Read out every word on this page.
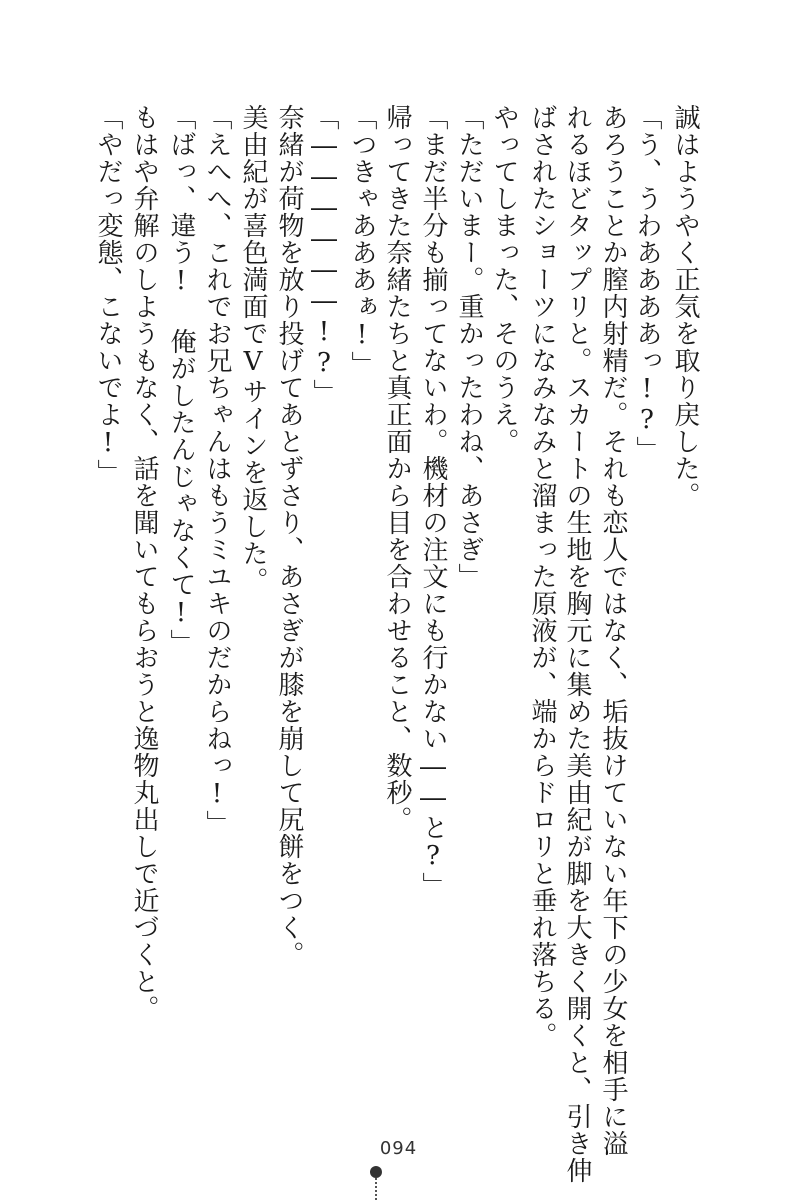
誠はようやく正気を取り戻した。
「う、うわああああっ!?」
あろうことか膣内射精だ。それも恋人ではなく、垢抜けていない年下の少女を相手に溢
れるほどタップリと。スカートの生地を胸元に集めた美由紀が脚を大きく開くと、引き伸
ばされたショーツになみなみと溜まった原液が、端からドロリと垂れ落ちる。
やってしまった、そのうえ。
「ただいまー。重かったわね、あさぎ」
「まだ半分も揃ってないわ。機材の注文にも行かない――と?」
帰ってきた奈緒たちと真正面から目を合わせること、数秒。
「つきゃあああぁ!」
「――――――!?」
奈緒が荷物を放り投げてあとずさり、あさぎが膝を崩して尻餅をつく。
美由紀が喜色満面でVサインを返した。
「えへへ、これでお兄ちゃんはもうミユキのだからねっ!」
「ばっ、違う! 俺がしたんじゃなくて!」
もはや弁解のしようもなく、話を聞いてもらおうと逸物丸出しで近づくと。
「やだっ変態、こないでよ!」
094
